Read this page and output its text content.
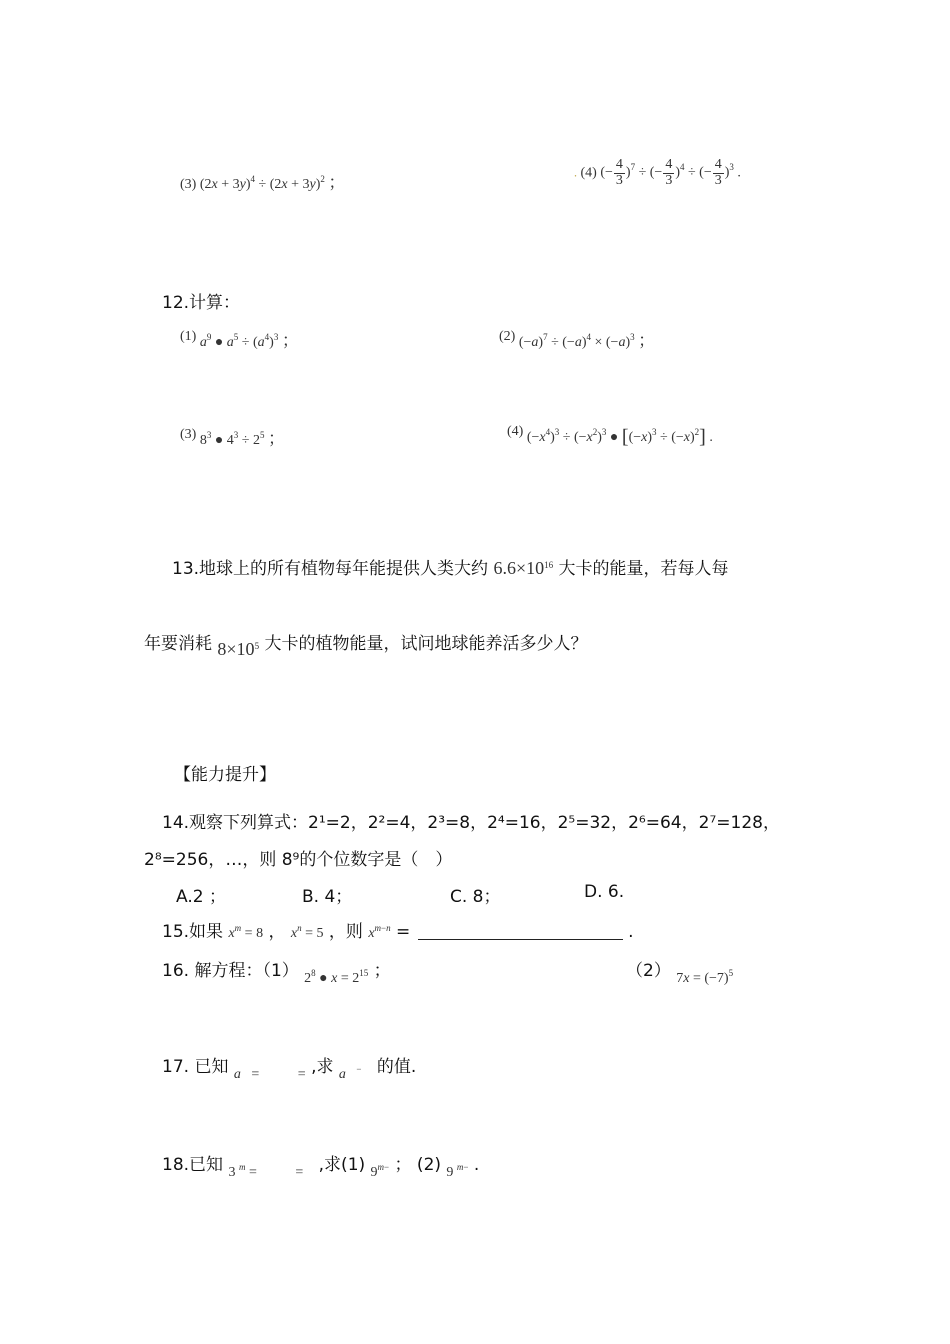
(3) $(2x + 3y)^4 \div (2x + 3y)^2$ ；
. (4) (− $\frac{4}{3} )^7$ ÷ (− $\frac{4}{3} )^4$ ÷ (− $\frac{4}{3} )^3$ .
12.计算：
(1) $a^9$ ● $a^5 \div (a^4)^3$ ；	(2) $(-a)^7 \div (-a)^4 \times (-a)^3$ ；
(3) $8^3$ ● $4^3 \div 2^5$ ；	(4) $(-x^4)^3 \div (-x^2)^3$ ● $[(-x)^3 \div (-x)^2]$ .
13.地球上的所有植物每年能提供人类大约 $6.6\times 10^{16}$ 大卡的能量，若每人每
年要消耗 $8\times 10^5$ 大卡的植物能量，试问地球能养活多少人？
【能力提升】
14.观察下列算式：2¹=2，2²=4，2³=8，2⁴=16，2⁵=32，2⁶=64，2⁷=128，
2⁸=256，…，则 8⁹的个位数字是（　）
A.2 ；	B. 4；	C. 8；	D. 6.
15.如果 $x^m = 8$ ， $x^n = 5$ ，则 $x^{m-n}$ =	.
16. 解方程：（1） $_{2^8 ● x = 2^{15}}$ ；	（2） $_{7x = (-7)^5}$
17. 已知 $_{a = =}$ ,求 $_{a ^-}$ 的值.
18.已知 $_{3 ^m = =}$ ,求(1) $_{9^{m-}}$ ； (2) $_{9 ^{m-}}$ .
